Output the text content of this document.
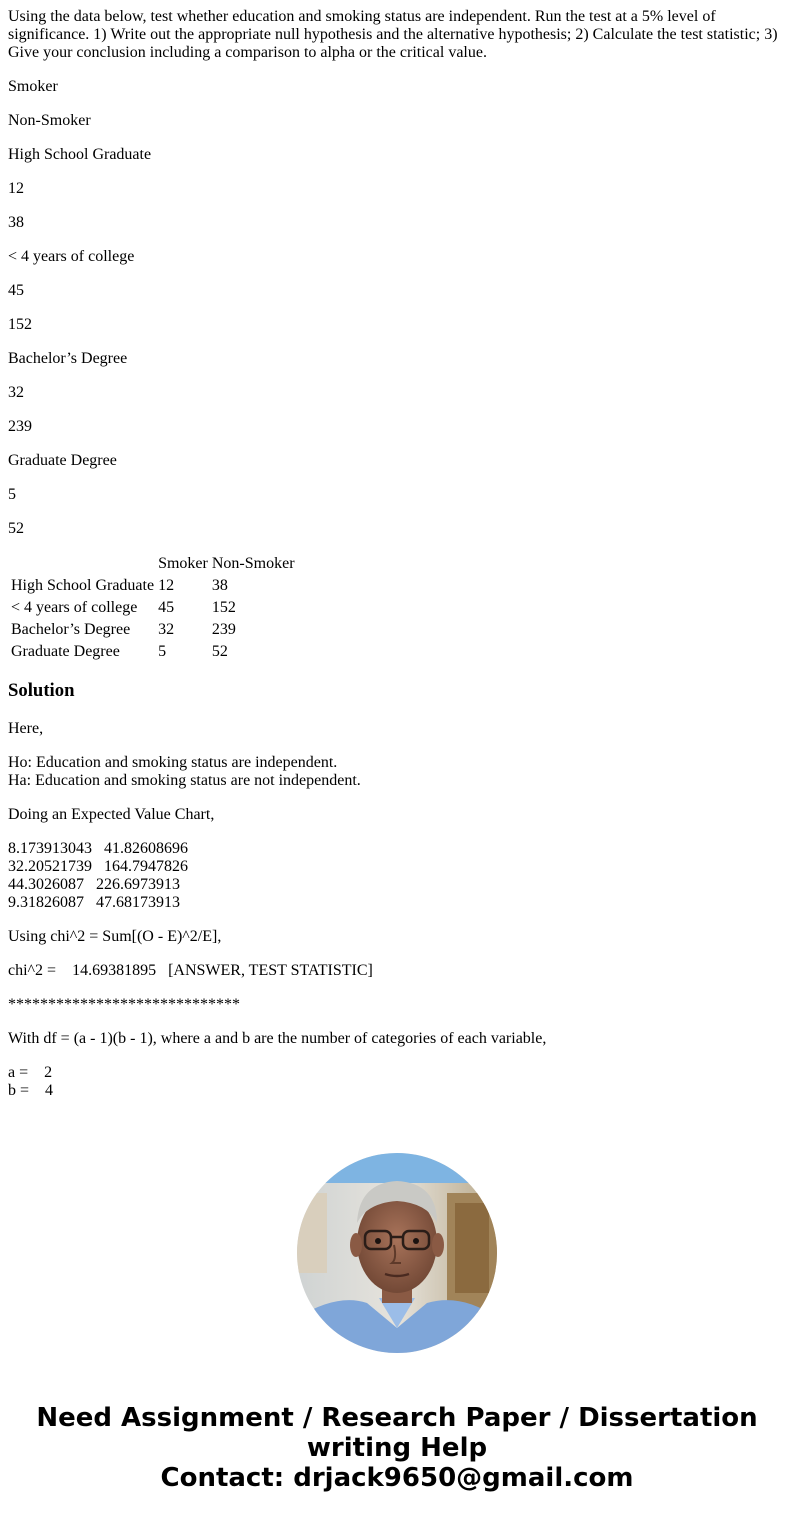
Using the data below, test whether education and smoking status are independent. Run the test at a 5% level of significance. 1) Write out the appropriate null hypothesis and the alternative hypothesis; 2) Calculate the test statistic; 3) Give your conclusion including a comparison to alpha or the critical value.

Smoker

Non-Smoker

High School Graduate

12

38

< 4 years of college

45

152

Bachelor’s Degree

32

239

Graduate Degree

5

52

	Smoker	Non-Smoker
High School Graduate	12	38
< 4 years of college	45	152
Bachelor’s Degree	32	239
Graduate Degree	5	52
Solution

Here,

Ho: Education and smoking status are independent.
Ha: Education and smoking status are not independent.

Doing an Expected Value Chart,

8.173913043   41.82608696
32.20521739   164.7947826
44.3026087   226.6973913
9.31826087   47.68173913

Using chi^2 = Sum[(O - E)^2/E],

chi^2 =    14.69381895   [ANSWER, TEST STATISTIC]

*****************************

With df = (a - 1)(b - 1), where a and b are the number of categories of each variable,

a =    2
b =    4

Need Assignment / Research Paper / Dissertation
writing Help
Contact: drjack9650@gmail.com
